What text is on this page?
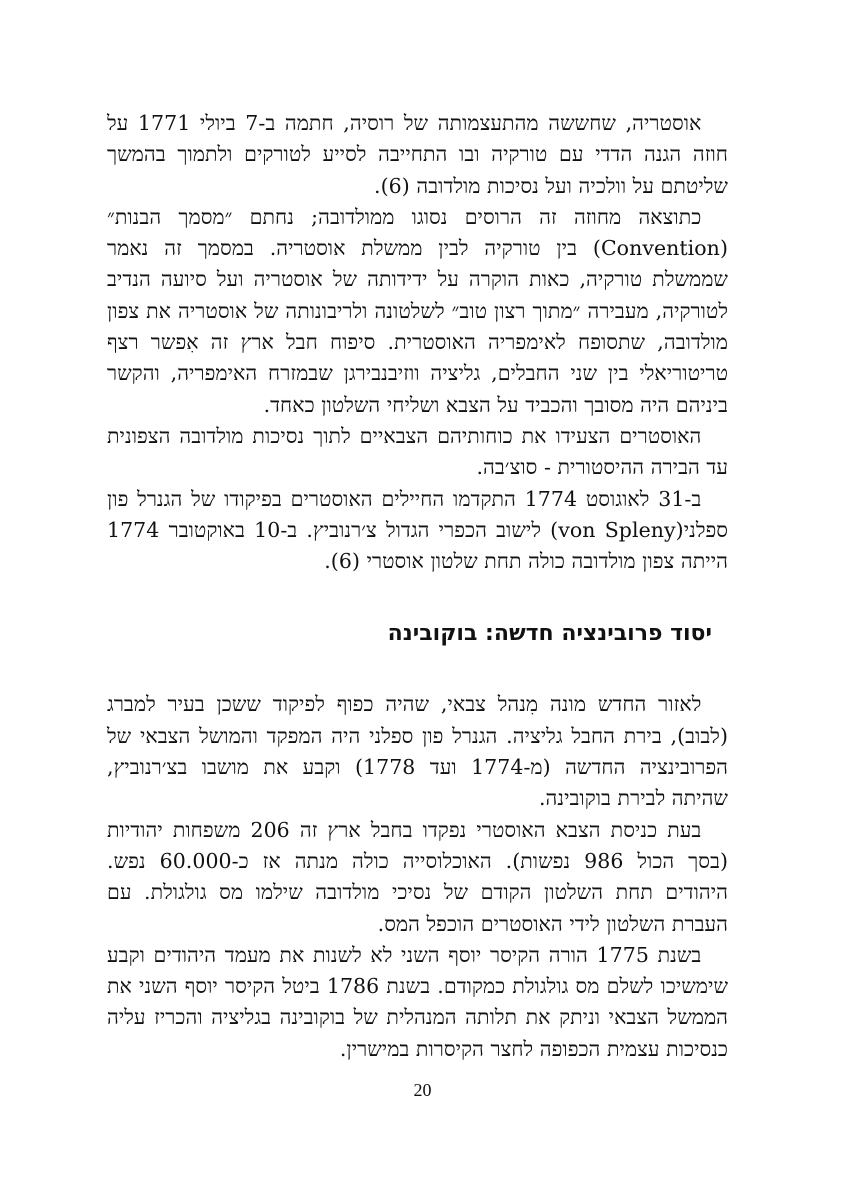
אוסטריה, שחששה מהתעצמותה של רוסיה, חתמה ב-7 ביולי 1771 על חוזה הגנה הדדי עם טורקיה ובו התחייבה לסייע לטורקים ולתמוך בהמשך שליטתם על וולכיה ועל נסיכות מולדובה (6).

כתוצאה מחוזה זה הרוסים נסוגו ממולדובה; נחתם ״מסמך הבנות״ (Convention) בין טורקיה לבין ממשלת אוסטריה. במסמך זה נאמר שממשלת טורקיה, כאות הוקרה על ידידותה של אוסטריה ועל סיועה הנדיב לטורקיה, מעבירה ״מתוך רצון טוב״ לשלטונה ולריבונותה של אוסטריה את צפון מולדובה, שתסופח לאימפריה האוסטרית. סיפוח חבל ארץ זה אִפשר רצף טריטוריאלי בין שני החבלים, גליציה ווזיבנבירגן שבמזרח האימפריה, והקשר ביניהם היה מסובך והכביד על הצבא ושליחי השלטון כאחד.

האוסטרים הצעידו את כוחותיהם הצבאיים לתוך נסיכות מולדובה הצפונית עד הבירה ההיסטורית - סוצ׳בה.

ב-31 לאוגוסט 1774 התקדמו החיילים האוסטרים בפיקודו של הגנרל פון ספלני(von Spleny) לישוב הכפרי הגדול צ׳רנוביץ. ב-10 באוקטובר 1774 הייתה צפון מולדובה כולה תחת שלטון אוסטרי (6).

יסוד פרובינציה חדשה: בוקובינה

לאזור החדש מונה מִנהל צבאי, שהיה כפוף לפיקוד ששכן בעיר למברג (לבוב), בירת החבל גליציה. הגנרל פון ספלני היה המפקד והמושל הצבאי של הפרובינציה החדשה (מ-1774 ועד 1778) וקבע את מושבו בצ׳רנוביץ, שהיתה לבירת בוקובינה.

בעת כניסת הצבא האוסטרי נפקדו בחבל ארץ זה 206 משפחות יהודיות (בסך הכול 986 נפשות). האוכלוסייה כולה מנתה אז כ-60.000 נפש. היהודים תחת השלטון הקודם של נסיכי מולדובה שילמו מס גולגולת. עם העברת השלטון לידי האוסטרים הוכפל המס.

בשנת 1775 הורה הקיסר יוסף השני לא לשנות את מעמד היהודים וקבע שימשיכו לשלם מס גולגולת כמקודם. בשנת 1786 ביטל הקיסר יוסף השני את הממשל הצבאי וניתק את תלותה המנהלית של בוקובינה בגליציה והכריז עליה כנסיכות עצמית הכפופה לחצר הקיסרות במישרין.

20
